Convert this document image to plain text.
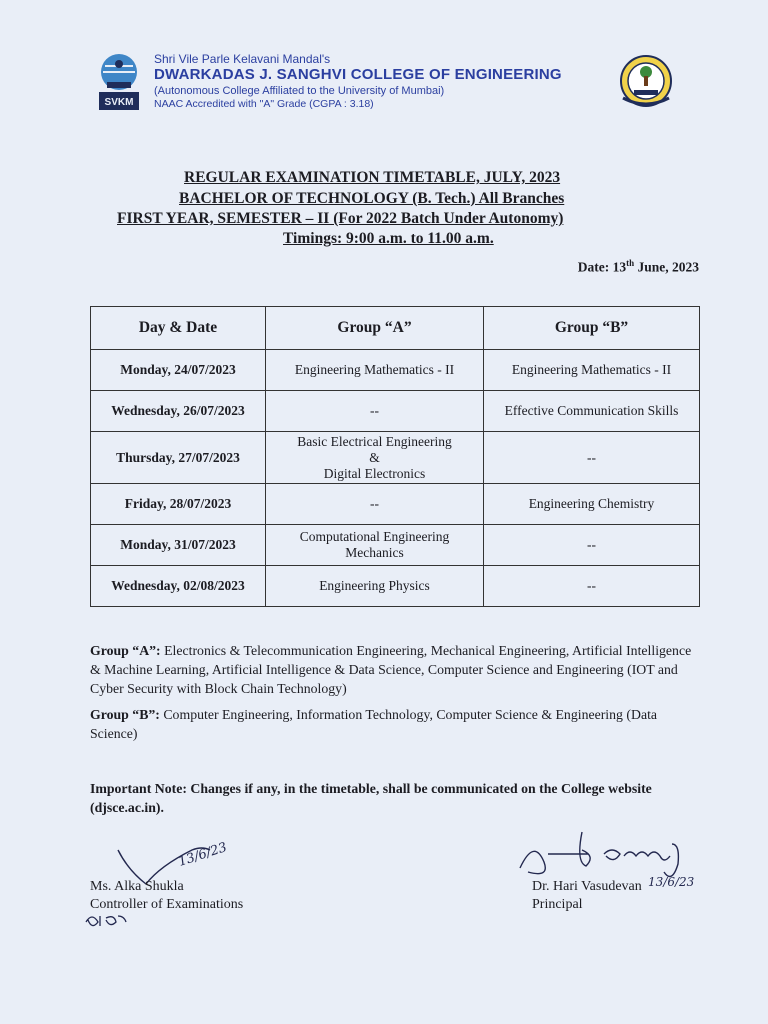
SVKM
Shri Vile Parle Kelavani Mandal's
DWARKADAS J. SANGHVI COLLEGE OF ENGINEERING
(Autonomous College Affiliated to the University of Mumbai)
NAAC Accredited with "A" Grade (CGPA : 3.18)
REGULAR EXAMINATION TIMETABLE, JULY, 2023
BACHELOR OF TECHNOLOGY (B. Tech.) All Branches
FIRST YEAR, SEMESTER – II (For 2022 Batch Under Autonomy)
Timings: 9:00 a.m. to 11.00 a.m.
Date: 13th June, 2023
Day & Date	Group “A”	Group “B”
Monday, 24/07/2023	Engineering Mathematics - II	Engineering Mathematics - II
Wednesday, 26/07/2023	--	Effective Communication Skills
Thursday, 27/07/2023	Basic Electrical Engineering
&
Digital Electronics	--
Friday, 28/07/2023	--	Engineering Chemistry
Monday, 31/07/2023	Computational Engineering
Mechanics	--
Wednesday, 02/08/2023	Engineering Physics	--
Group “A”: Electronics & Telecommunication Engineering, Mechanical Engineering, Artificial Intelligence & Machine Learning, Artificial Intelligence & Data Science, Computer Science and Engineering (IOT and Cyber Security with Block Chain Technology)
Group “B”: Computer Engineering, Information Technology, Computer Science & Engineering (Data Science)
Important Note: Changes if any, in the timetable, shall be communicated on the College website (djsce.ac.in).
13/6/23
Ms. Alka Shukla
Controller of Examinations
13/6/23
Dr. Hari Vasudevan
Principal
